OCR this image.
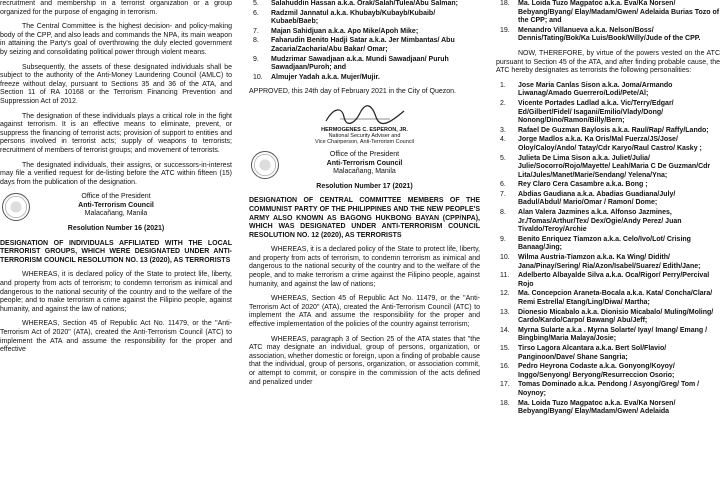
recruitment and membership in a terrorist organization or a group organized for the purpose of engaging in terrorism.

The Central Committee is the highest decision- and policy-making body of the CPP, and also leads and commands the NPA, its main weapon in attaining the Party's goal of overthrowing the duly elected government by seizing and consolidating political power through violent means.

Subsequently, the assets of these designated individuals shall be subject to the authority of the Anti-Money Laundering Council (AMLC) to freeze without delay, pursuant to Sections 35 and 36 of the ATA, and Section 11 of RA 10168 or the Terrorism Financing Prevention and Suppression Act of 2012.

The designation of these individuals plays a critical role in the fight against terrorism. It is an effective means to eliminate, prevent, or suppress the financing of terrorist acts; provision of support to entities and persons involved in terrorist acts; supply of weapons to terrorists; recruitment of members of terrorist groups; and movement of terrorists.

The designated individuals, their assigns, or successors-in-interest may file a verified request for de-listing before the ATC within fifteen (15) days from the publication of the designation.

Office of the President
Anti-Terrorism Council
Malacañang, Manila
Resolution Number 16 (2021)

DESIGNATION OF INDIVIDUALS AFFILIATED WITH THE LOCAL TERRORIST GROUPS, WHICH WERE DESIGNATED UNDER ANTI-TERRORISM COUNCIL RESOLUTION NO. 13 (2020), AS TERRORISTS

WHEREAS, it is declared policy of the State to protect life, liberty, and property from acts of terrorism; to condemn terrorism as inimical and dangerous to the national security of the country and to the welfare of the people; and to make terrorism a crime against the Filipino people, against humanity, and against the law of nations;

WHEREAS, Section 45 of Republic Act No. 11479, or the "Anti-Terrorism Act of 2020" (ATA), created the Anti-Terrorism Council (ATC) to implement the ATA and assume the responsibility for the proper and effective

5. Salahuddin Hassan a.k.a. Orak/Salah/Tulea/Abu Salman;
6. Radzmil Jannatul a.k.a. Khubayb/Kubayb/Kubaib/ Kubaeb/Baeb;
7. Majan Sahidjuan a.k.a. Apo Mike/Apoh Mike;
8. Faharudin Benito Hadji Satar a.k.a. Jer Mimbantas/ Abu Zacaria/Zacharia/Abu Bakar/ Omar;
9. Mudzrimar Sawadjaan a.k.a. Mundi Sawadjaan/ Puruh Sawadjaan/Puroh; and
10. Almujer Yadah a.k.a. Mujer/Mujir.

APPROVED, this 24th day of February 2021 in the City of Quezon.

HERMOGENES C. ESPERON, JR.
National Security Adviser and
Vice Chairperson, Anti-Terrorism Council
Office of the President
Anti-Terrorism Council
Malacañang, Manila
Resolution Number 17 (2021)

DESIGNATION OF CENTRAL COMMITTEE MEMBERS OF THE COMMUNIST PARTY OF THE PHILIPPINES AND THE NEW PEOPLE'S ARMY ALSO KNOWN AS BAGONG HUKBONG BAYAN (CPP/NPA), WHICH WAS DESIGNATED UNDER ANTI-TERRORISM COUNCIL RESOLUTION NO. 12 (2020), AS TERRORISTS

WHEREAS, it is a declared policy of the State to protect life, liberty, and property from acts of terrorism, to condemn terrorism as inimical and dangerous to the national security of the country and to the welfare of the people, and to make terrorism a crime against the Filipino people, against humanity, and against the law of nations;

WHEREAS, Section 45 of Republic Act No. 11479, or the "Anti-Terrorism Act of 2020" (ATA), created the Anti-Terrorism Council (ATC) to implement the ATA and assume the responsibility for the proper and effective implementation of the policies of the country against terrorism;

WHEREAS, paragraph 3 of Section 25 of the ATA states that "the ATC may designate an individual, group of persons, organization, or association, whether domestic or foreign, upon a finding of probable cause that the individual, group of persons, organization, or association commit, or attempt to commit, or conspire in the commission of the acts defined and penalized under

18. Ma. Loida Tuzo Magpatoc a.k.a. Eva/Ka Norsen/ Bebyang/Byang/ Elay/Madam/Gwen/ Adelaida Burias Tozo of the CPP; and
19. Menandro Villanueva a.k.a. Nelson/Boss/ Dennis/Tating/Bok/Ka Luis/Book/Willy/Jude of the CPP.

NOW, THEREFORE, by virtue of the powers vested on the ATC pursuant to Section 45 of the ATA, and after finding probable cause, the ATC hereby designates as terrorists the following personalities:

1. Jose Maria Canlas Sison a.k.a. Joma/Armando Liwanag/Amado Guerrero/Lodi/Pete/Al;
2. Vicente Portades Ladlad a.k.a. Vic/Terry/Edgar/ Ed/Gilbert/Fidel/ Isagani/Emilio/Vlady/Dong/ Nonong/Dino/Ramon/Billy/Bern;
3. Rafael De Guzman Baylosis a.k.a. Raul/Rap/ Raffy/Lando;
4. Jorge Madlos a.k.a. Ka Oris/Mal Fuerza/JS/Jose/ Oloy/Caloy/Ando/ Tatay/Cdr Karyo/Raul Castro/ Kasky ;
5. Julieta De Lima Sison a.k.a. Juliet/Julia/ Julie/Socorro/Rojo/Mayette/ Leah/Maria C De Guzman/Cdr Lita/Jules/Manet/Marie/Sendang/ Yelena/Yna;
6. Rey Claro Cera Casambre a.k.a. Bong ;
7. Abdias Gaudiana a.k.a. Abadias Guadiana/July/ Badul/Abdul/ Mario/Omar / Ramon/ Dome;
8. Alan Valera Jazmines a.k.a. Alfonso Jazmines, Jr./Tomas/Arthur/Tex/ Dex/Ogie/Andy Perez/ Juan Tivaldo/Teroy/Archie
9. Benito Enriquez Tiamzon a.k.a. Celo/Ivo/Lot/ Crising Banaag/Jing;
10. Wilma Austria-Tiamzon a.k.a. Ka Wing/ Didith/ Jana/Pinay/Sering/ Ria/Azon/Isabel/Suarez/ Edith/Jane;
11. Adelberto Albayalde Silva a.k.a. Oca/Rigor/ Perry/Percival Rojo
12. Ma. Concepcion Araneta-Bocala a.k.a. Kata/ Concha/Clara/ Remi Estrella/ Etang/Ling/Diwa/ Martha;
13. Dionesio Micabalo a.k.a. Dionisio Micabalo/ Muling/Moling/ Cardo/Kardo/Carpo/ Bawang/ Abu/Jeff;
14. Myrna Sularte a.k.a . Myrna Solarte/ Iyay/ Imang/ Emang / Bingbing/Maria Malaya/Josie;
15. Tirso Lagora Alcantara a.k.a. Bert Sol/Flavio/ Panginoon/Dave/ Shane Sangria;
16. Pedro Heyrona Codaste a.k.a. Gonyong/Koyoy/ Inggo/Senyong/ Beryong/Resurreccion Osorio;
17. Tomas Dominado a.k.a. Pendong / Asyong/Greg/ Tom / Noynoy;
18. Ma. Loida Tuzo Magpatoc a.k.a. Eva/Ka Norsen/ Bebyang/Byang/ Elay/Madam/Gwen/ Adelaida
